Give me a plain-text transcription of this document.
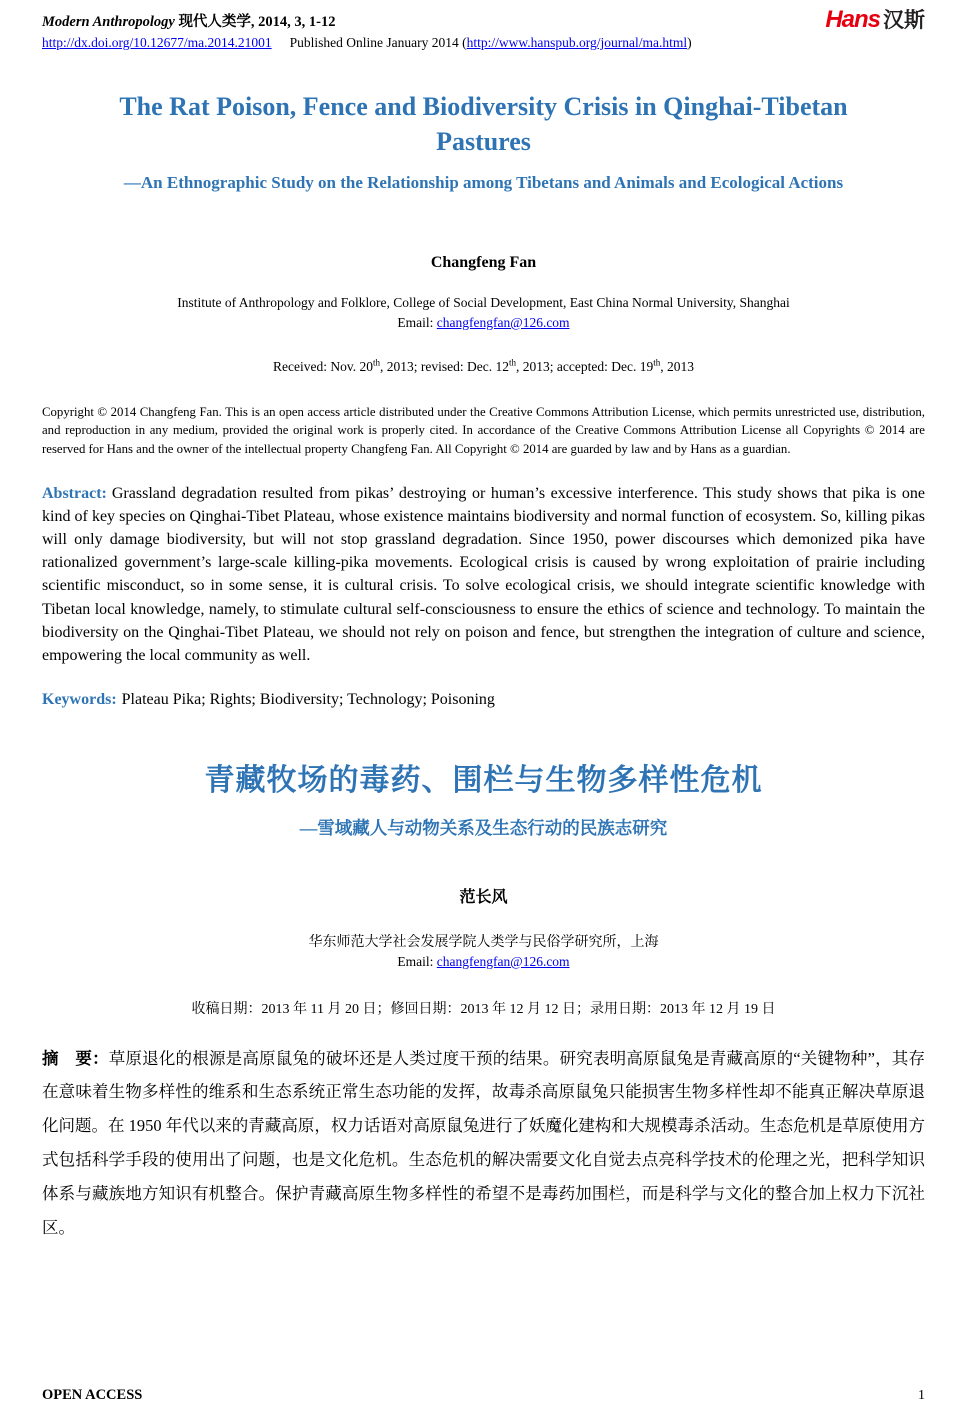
Modern Anthropology 现代人类学, 2014, 3, 1-12	Hans 汉斯
http://dx.doi.org/10.12677/ma.2014.21001 Published Online January 2014 (http://www.hanspub.org/journal/ma.html)
The Rat Poison, Fence and Biodiversity Crisis in Qinghai-Tibetan Pastures
—An Ethnographic Study on the Relationship among Tibetans and Animals and Ecological Actions

Changfeng Fan

Institute of Anthropology and Folklore, College of Social Development, East China Normal University, Shanghai

Email: changfengfan@126.com

Received: Nov. 20th, 2013; revised: Dec. 12th, 2013; accepted: Dec. 19th, 2013

Copyright © 2014 Changfeng Fan. This is an open access article distributed under the Creative Commons Attribution License, which permits unrestricted use, distribution, and reproduction in any medium, provided the original work is properly cited. In accordance of the Creative Commons Attribution License all Copyrights © 2014 are reserved for Hans and the owner of the intellectual property Changfeng Fan. All Copyright © 2014 are guarded by law and by Hans as a guardian.

Abstract: Grassland degradation resulted from pikas’ destroying or human’s excessive interference. This study shows that pika is one kind of key species on Qinghai-Tibet Plateau, whose existence maintains biodiversity and normal function of ecosystem. So, killing pikas will only damage biodiversity, but will not stop grassland degradation. Since 1950, power discourses which demonized pika have rationalized government’s large-scale killing-pika movements. Ecological crisis is caused by wrong exploitation of prairie including scientific misconduct, so in some sense, it is cultural crisis. To solve ecological crisis, we should integrate scientific knowledge with Tibetan local knowledge, namely, to stimulate cultural self-consciousness to ensure the ethics of science and technology. To maintain the biodiversity on the Qinghai-Tibet Plateau, we should not rely on poison and fence, but strengthen the integration of culture and science, empowering the local community as well.

Keywords: Plateau Pika; Rights; Biodiversity; Technology; Poisoning

青藏牧场的毒药、围栏与生物多样性危机
—雪域藏人与动物关系及生态行动的民族志研究

范长风

华东师范大学社会发展学院人类学与民俗学研究所，上海

Email: changfengfan@126.com

收稿日期：2013 年 11 月 20 日；修回日期：2013 年 12 月 12 日；录用日期：2013 年 12 月 19 日

摘　要：草原退化的根源是高原鼠兔的破坏还是人类过度干预的结果。研究表明高原鼠兔是青藏高原的“关键物种”，其存在意味着生物多样性的维系和生态系统正常生态功能的发挥，故毒杀高原鼠兔只能损害生物多样性却不能真正解决草原退化问题。在 1950 年代以来的青藏高原，权力话语对高原鼠兔进行了妖魔化建构和大规模毒杀活动。生态危机是草原使用方式包括科学手段的使用出了问题，也是文化危机。生态危机的解决需要文化自觉去点亮科学技术的伦理之光，把科学知识体系与藏族地方知识有机整合。保护青藏高原生物多样性的希望不是毒药加围栏，而是科学与文化的整合加上权力下沉社区。

OPEN ACCESS	1
